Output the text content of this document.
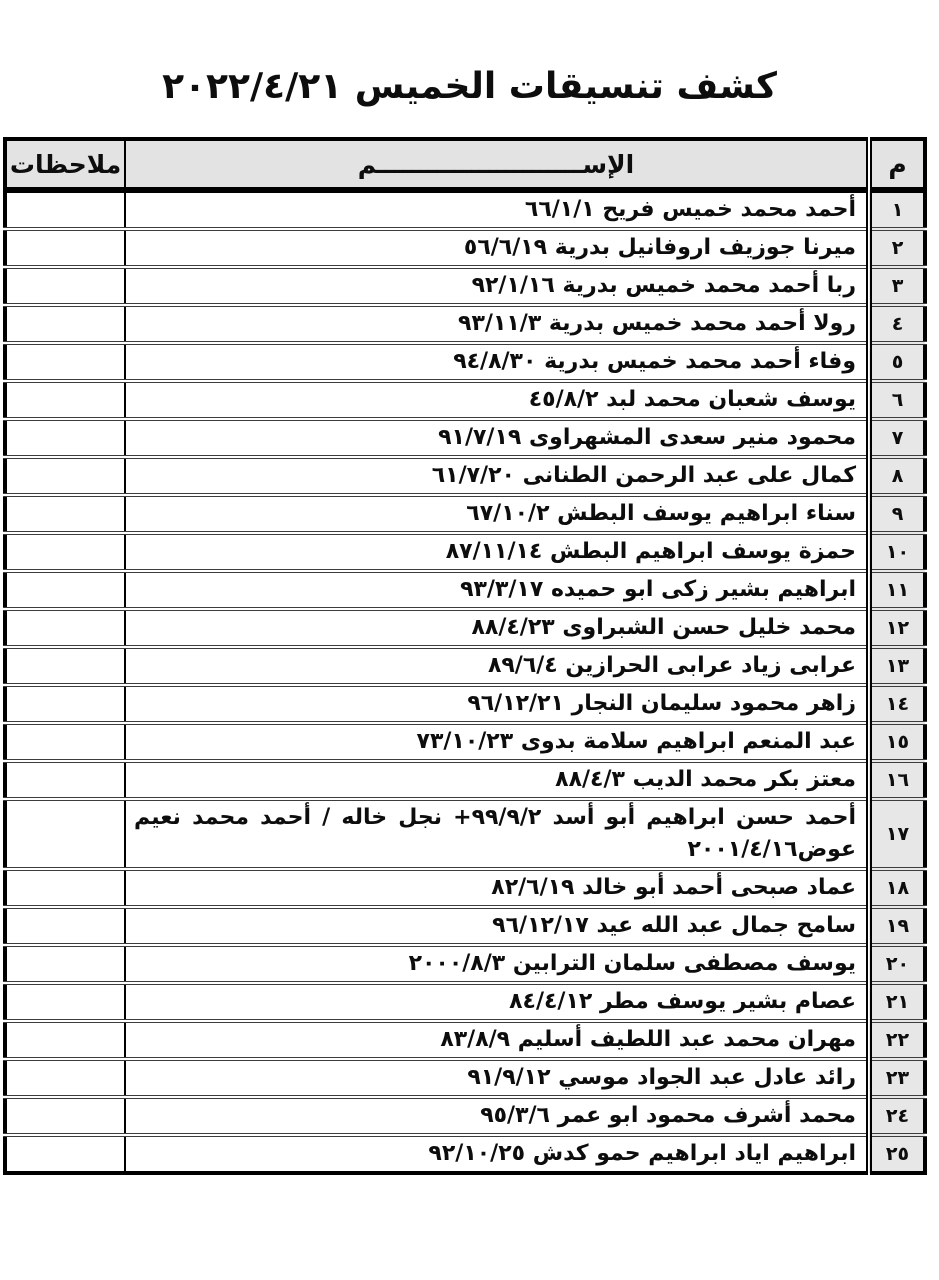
كشف تنسيقات الخميس ٢٠٢٢/٤/٢١
م	الإســــــــــــــــــــــــم	ملاحظات
١	أحمد محمد خميس فريح ٦٦/١/١	
٢	ميرنا جوزيف اروفانيل بدرية ٥٦/٦/١٩	
٣	ربا أحمد محمد خميس بدرية ٩٢/١/١٦	
٤	رولا أحمد محمد خميس بدرية ٩٣/١١/٣	
٥	وفاء أحمد محمد خميس بدرية ٩٤/٨/٣٠	
٦	يوسف شعبان محمد لبد ٤٥/٨/٢	
٧	محمود منير سعدى المشهراوى ٩١/٧/١٩	
٨	كمال على عبد الرحمن الطنانى ٦١/٧/٢٠	
٩	سناء ابراهيم يوسف البطش ٦٧/١٠/٢	
١٠	حمزة يوسف ابراهيم البطش ٨٧/١١/١٤	
١١	ابراهيم بشير زكى ابو حميده ٩٣/٣/١٧	
١٢	محمد خليل حسن الشبراوى ٨٨/٤/٢٣	
١٣	عرابى زياد عرابى الحرازين ٨٩/٦/٤	
١٤	زاهر محمود سليمان النجار ٩٦/١٢/٢١	
١٥	عبد المنعم ابراهيم سلامة بدوى ٧٣/١٠/٢٣	
١٦	معتز بكر محمد الديب ٨٨/٤/٣	
١٧	أحمد حسن ابراهيم أبو أسد ٩٩/٩/٢+ نجل خاله / أحمد محمد نعيم عوض٢٠٠١/٤/١٦	
١٨	عماد صبحى أحمد أبو خالد ٨٢/٦/١٩	
١٩	سامح جمال عبد الله عيد ٩٦/١٢/١٧	
٢٠	يوسف مصطفى سلمان الترابين ٢٠٠٠/٨/٣	
٢١	عصام بشير يوسف مطر ٨٤/٤/١٢	
٢٢	مهران محمد عبد اللطيف أسليم ٨٣/٨/٩	
٢٣	رائد عادل عبد الجواد موسي ٩١/٩/١٢	
٢٤	محمد أشرف محمود ابو عمر ٩٥/٣/٦	
٢٥	ابراهيم اياد ابراهيم حمو كدش ٩٢/١٠/٢٥	
